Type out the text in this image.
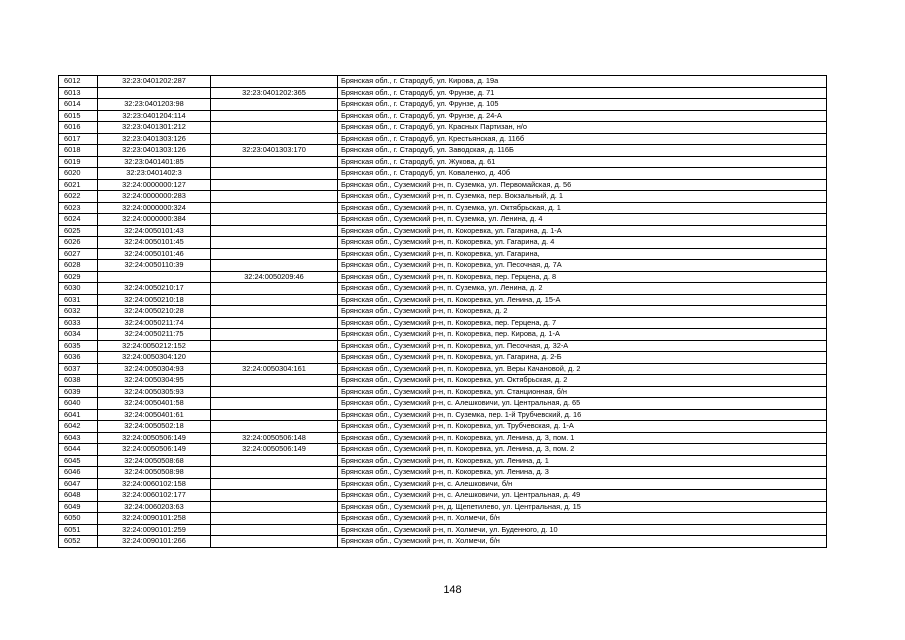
6012	32:23:0401202:287		Брянская обл., г. Стародуб, ул. Кирова, д. 19а
6013		32:23:0401202:365	Брянская обл., г. Стародуб, ул. Фрунзе, д. 71
6014	32:23:0401203:98		Брянская обл., г. Стародуб, ул. Фрунзе, д. 105
6015	32:23:0401204:114		Брянская обл., г. Стародуб, ул. Фрунзе, д. 24-А
6016	32:23:0401301:212		Брянская обл., г. Стародуб, ул. Красных Партизан, н/о
6017	32:23:0401303:126		Брянская обл., г. Стародуб, ул. Крестьянская, д. 116б
6018	32:23:0401303:126	32:23:0401303:170	Брянская обл., г. Стародуб, ул. Заводская, д. 116Б
6019	32:23:0401401:85		Брянская обл., г. Стародуб, ул. Жукова, д. 61
6020	32:23:0401402:3		Брянская обл., г. Стародуб, ул. Коваленко, д. 40б
6021	32:24:0000000:127		Брянская обл., Суземский р-н, п. Суземка, ул. Первомайская, д. 56
6022	32:24:0000000:283		Брянская обл., Суземский р-н, п. Суземка, пер. Вокзальный, д. 1
6023	32:24:0000000:324		Брянская обл., Суземский р-н, п. Суземка, ул. Октябрьская, д. 1
6024	32:24:0000000:384		Брянская обл., Суземский р-н, п. Суземка, ул. Ленина, д. 4
6025	32:24:0050101:43		Брянская обл., Суземский р-н, п. Кокоревка, ул. Гагарина, д. 1-А
6026	32:24:0050101:45		Брянская обл., Суземский р-н, п. Кокоревка, ул. Гагарина, д. 4
6027	32:24:0050101:46		Брянская обл., Суземский р-н, п. Кокоревка, ул. Гагарина,
6028	32:24:0050110:39		Брянская обл., Суземский р-н, п. Кокоревка, ул. Песочная, д. 7А
6029		32:24:0050209:46	Брянская обл., Суземский р-н, п. Кокоревка, пер. Герцена, д. 8
6030	32:24:0050210:17		Брянская обл., Суземский р-н, п. Суземка, ул. Ленина, д. 2
6031	32:24:0050210:18		Брянская обл., Суземский р-н, п. Кокоревка, ул. Ленина, д. 15-А
6032	32:24:0050210:28		Брянская обл., Суземский р-н, п. Кокоревка, д. 2
6033	32:24:0050211:74		Брянская обл., Суземский р-н, п. Кокоревка, пер. Герцена, д. 7
6034	32:24:0050211:75		Брянская обл., Суземский р-н, п. Кокоревка, пер. Кирова, д. 1-А
6035	32:24:0050212:152		Брянская обл., Суземский р-н, п. Кокоревка, ул. Песочная, д. 32-А
6036	32:24:0050304:120		Брянская обл., Суземский р-н, п. Кокоревка, ул. Гагарина, д. 2-Б
6037	32:24:0050304:93	32:24:0050304:161	Брянская обл., Суземский р-н, п. Кокоревка, ул. Веры Качановой, д. 2
6038	32:24:0050304:95		Брянская обл., Суземский р-н, п. Кокоревка, ул. Октябрьская, д. 2
6039	32:24:0050305:93		Брянская обл., Суземский р-н, п. Кокоревка, ул. Станционная, б/н
6040	32:24:0050401:58		Брянская обл., Суземский р-н, с. Алешковичи, ул. Центральная, д. 65
6041	32:24:0050401:61		Брянская обл., Суземский р-н, п. Суземка, пер. 1-й Трубчевский, д. 16
6042	32:24:0050502:18		Брянская обл., Суземский р-н, п. Кокоревка, ул. Трубчевская, д. 1-А
6043	32:24:0050506:149	32:24:0050506:148	Брянская обл., Суземский р-н, п. Кокоревка, ул. Ленина, д. 3, пом. 1
6044	32:24:0050506:149	32:24:0050506:149	Брянская обл., Суземский р-н, п. Кокоревка, ул. Ленина, д. 3, пом. 2
6045	32:24:0050508:68		Брянская обл., Суземский р-н, п. Кокоревка, ул. Ленина, д. 1
6046	32:24:0050508:98		Брянская обл., Суземский р-н, п. Кокоревка, ул. Ленина, д. 3
6047	32:24:0060102:158		Брянская обл., Суземский р-н, с. Алешковичи, б/н
6048	32:24:0060102:177		Брянская обл., Суземский р-н, с. Алешковичи, ул. Центральная, д. 49
6049	32:24:0060203:63		Брянская обл., Суземский р-н, д. Щепетилево, ул. Центральная, д. 15
6050	32:24:0090101:258		Брянская обл., Суземский р-н, п. Холмечи, б/н
6051	32:24:0090101:259		Брянская обл., Суземский р-н, п. Холмечи, ул. Буденного, д. 10
6052	32:24:0090101:266		Брянская обл., Суземский р-н, п. Холмечи, б/н
148
